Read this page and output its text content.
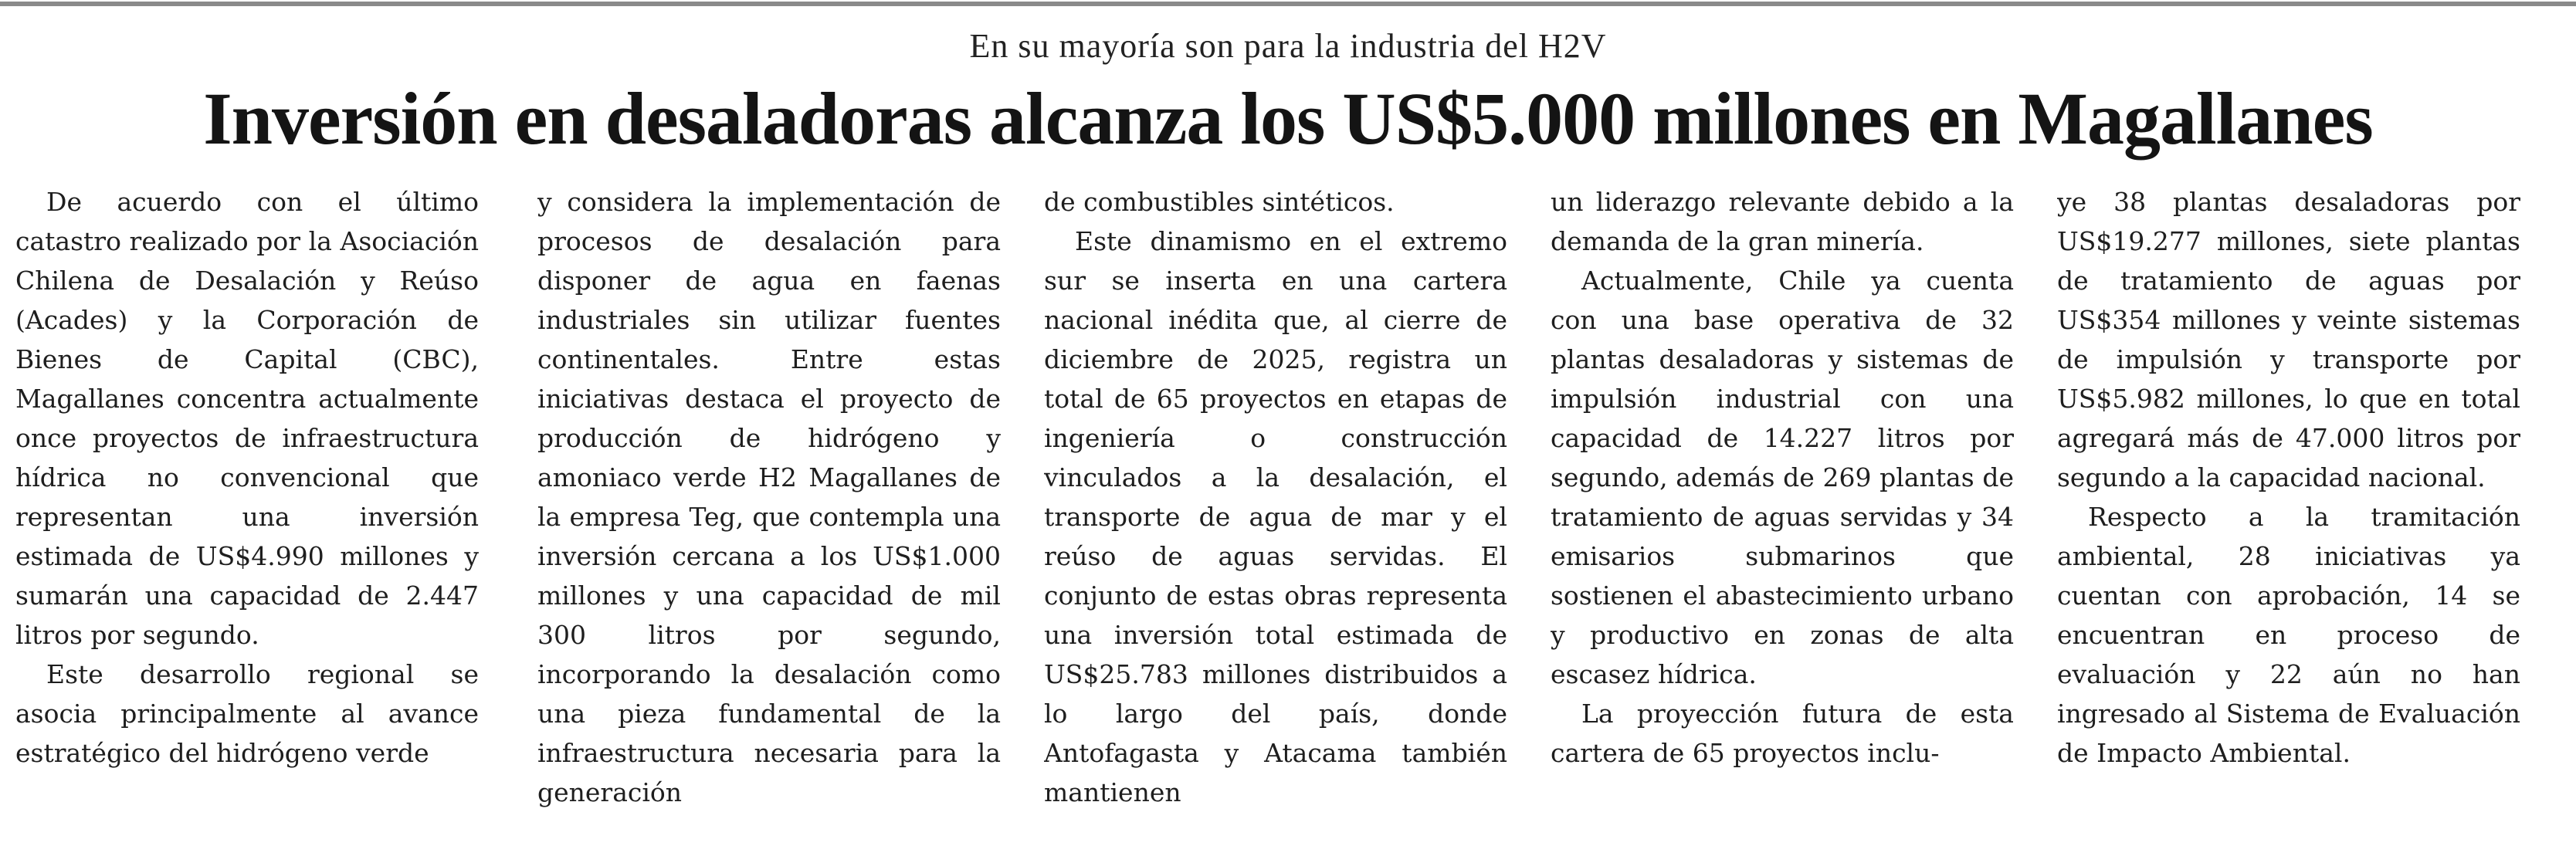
En su mayoría son para la industria del H2V
Inversión en desaladoras alcanza los US$5.000 millones en Magallanes

De acuerdo con el último catastro realizado por la Asociación Chilena de Desalación y Reúso (Acades) y la Corporación de Bienes de Capital (CBC), Magallanes concentra actualmente once proyectos de infraestructura hídrica no convencional que representan una inversión estimada de US$4.990 millones y sumarán una capacidad de 2.447 litros por segundo.

Este desarrollo regional se asocia principalmente al avance estratégico del hidrógeno verde

y considera la implementación de procesos de desalación para disponer de agua en faenas industriales sin utilizar fuentes continentales. Entre estas iniciativas destaca el proyecto de producción de hidrógeno y amoniaco verde H2 Magallanes de la empresa Teg, que contempla una inversión cercana a los US$1.000 millones y una capacidad de mil 300 litros por segundo, incorporando la desalación como una pieza fundamental de la infraestructura necesaria para la generación

de combustibles sintéticos.

Este dinamismo en el extremo sur se inserta en una cartera nacional inédita que, al cierre de diciembre de 2025, registra un total de 65 proyectos en etapas de ingeniería o construcción vinculados a la desalación, el transporte de agua de mar y el reúso de aguas servidas. El conjunto de estas obras representa una inversión total estimada de US$25.783 millones distribuidos a lo largo del país, donde Antofagasta y Atacama también mantienen

un liderazgo relevante debido a la demanda de la gran minería.

Actualmente, Chile ya cuenta con una base operativa de 32 plantas desaladoras y sistemas de impulsión industrial con una capacidad de 14.227 litros por segundo, además de 269 plantas de tratamiento de aguas servidas y 34 emisarios submarinos que sostienen el abastecimiento urbano y productivo en zonas de alta escasez hídrica.

La proyección futura de esta cartera de 65 proyectos inclu-

ye 38 plantas desaladoras por US$19.277 millones, siete plantas de tratamiento de aguas por US$354 millones y veinte sistemas de impulsión y transporte por US$5.982 millones, lo que en total agregará más de 47.000 litros por segundo a la capacidad nacional.

Respecto a la tramitación ambiental, 28 iniciativas ya cuentan con aprobación, 14 se encuentran en proceso de evaluación y 22 aún no han ingresado al Sistema de Evaluación de Impacto Ambiental.
